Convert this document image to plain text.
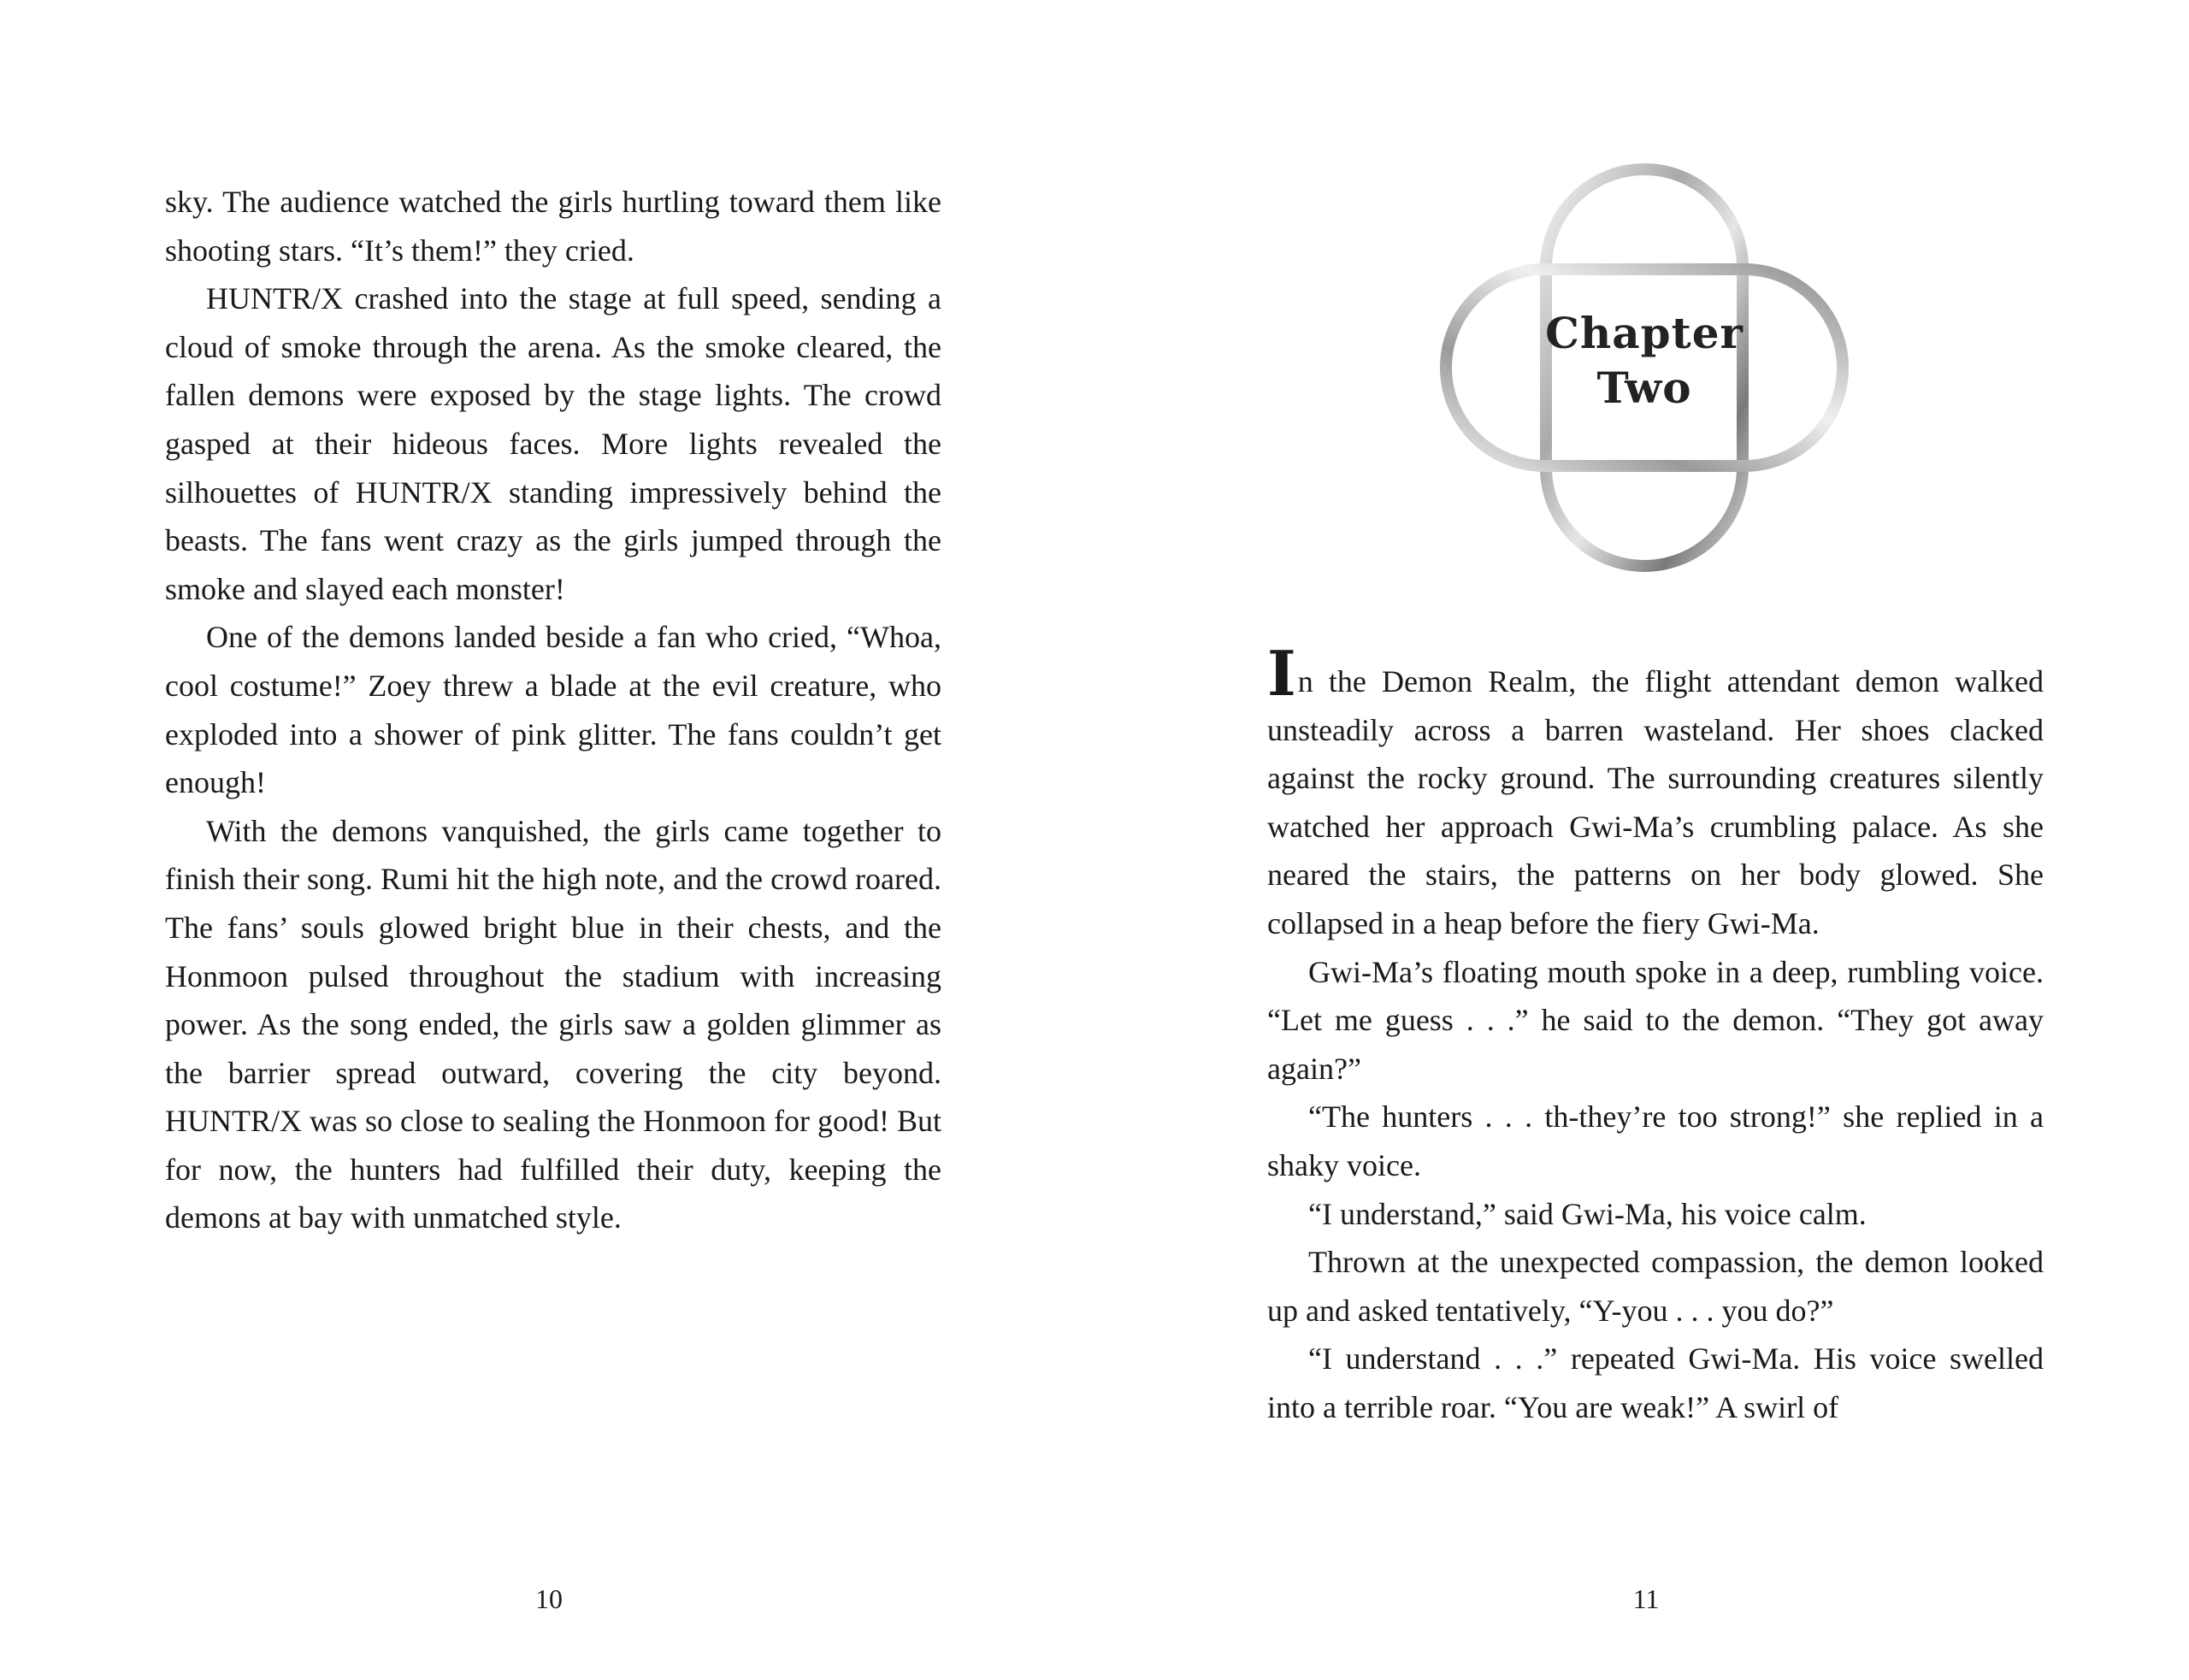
sky. The audience watched the girls hurtling toward them like shooting stars. “It’s them!” they cried.

HUNTR/X crashed into the stage at full speed, sending a cloud of smoke through the arena. As the smoke cleared, the fallen demons were exposed by the stage lights. The crowd gasped at their hideous faces. More lights revealed the silhouettes of HUNTR/X standing impressively behind the beasts. The fans went crazy as the girls jumped through the smoke and slayed each monster!

One of the demons landed beside a fan who cried, “Whoa, cool costume!” Zoey threw a blade at the evil creature, who exploded into a shower of pink glitter. The fans couldn’t get enough!

With the demons vanquished, the girls came together to finish their song. Rumi hit the high note, and the crowd roared. The fans’ souls glowed bright blue in their chests, and the Honmoon pulsed throughout the stadium with increasing power. As the song ended, the girls saw a golden glimmer as the barrier spread outward, covering the city beyond. HUNTR/X was so close to sealing the Honmoon for good! But for now, the hunters had fulfilled their duty, keeping the demons at bay with unmatched style.

10
Chapter
Two

In the Demon Realm, the flight attendant demon walked unsteadily across a barren wasteland. Her shoes clacked against the rocky ground. The surrounding creatures silently watched her approach Gwi-Ma’s crumbling palace. As she neared the stairs, the patterns on her body glowed. She collapsed in a heap before the fiery Gwi-Ma.

Gwi-Ma’s floating mouth spoke in a deep, rumbling voice. “Let me guess . . .” he said to the demon. “They got away again?”

“The hunters . . . th-they’re too strong!” she replied in a shaky voice.

“I understand,” said Gwi-Ma, his voice calm.

Thrown at the unexpected compassion, the demon looked up and asked tentatively, “Y-you . . . you do?”

“I understand . . .” repeated Gwi-Ma. His voice swelled into a terrible roar. “You are weak!” A swirl of

11
